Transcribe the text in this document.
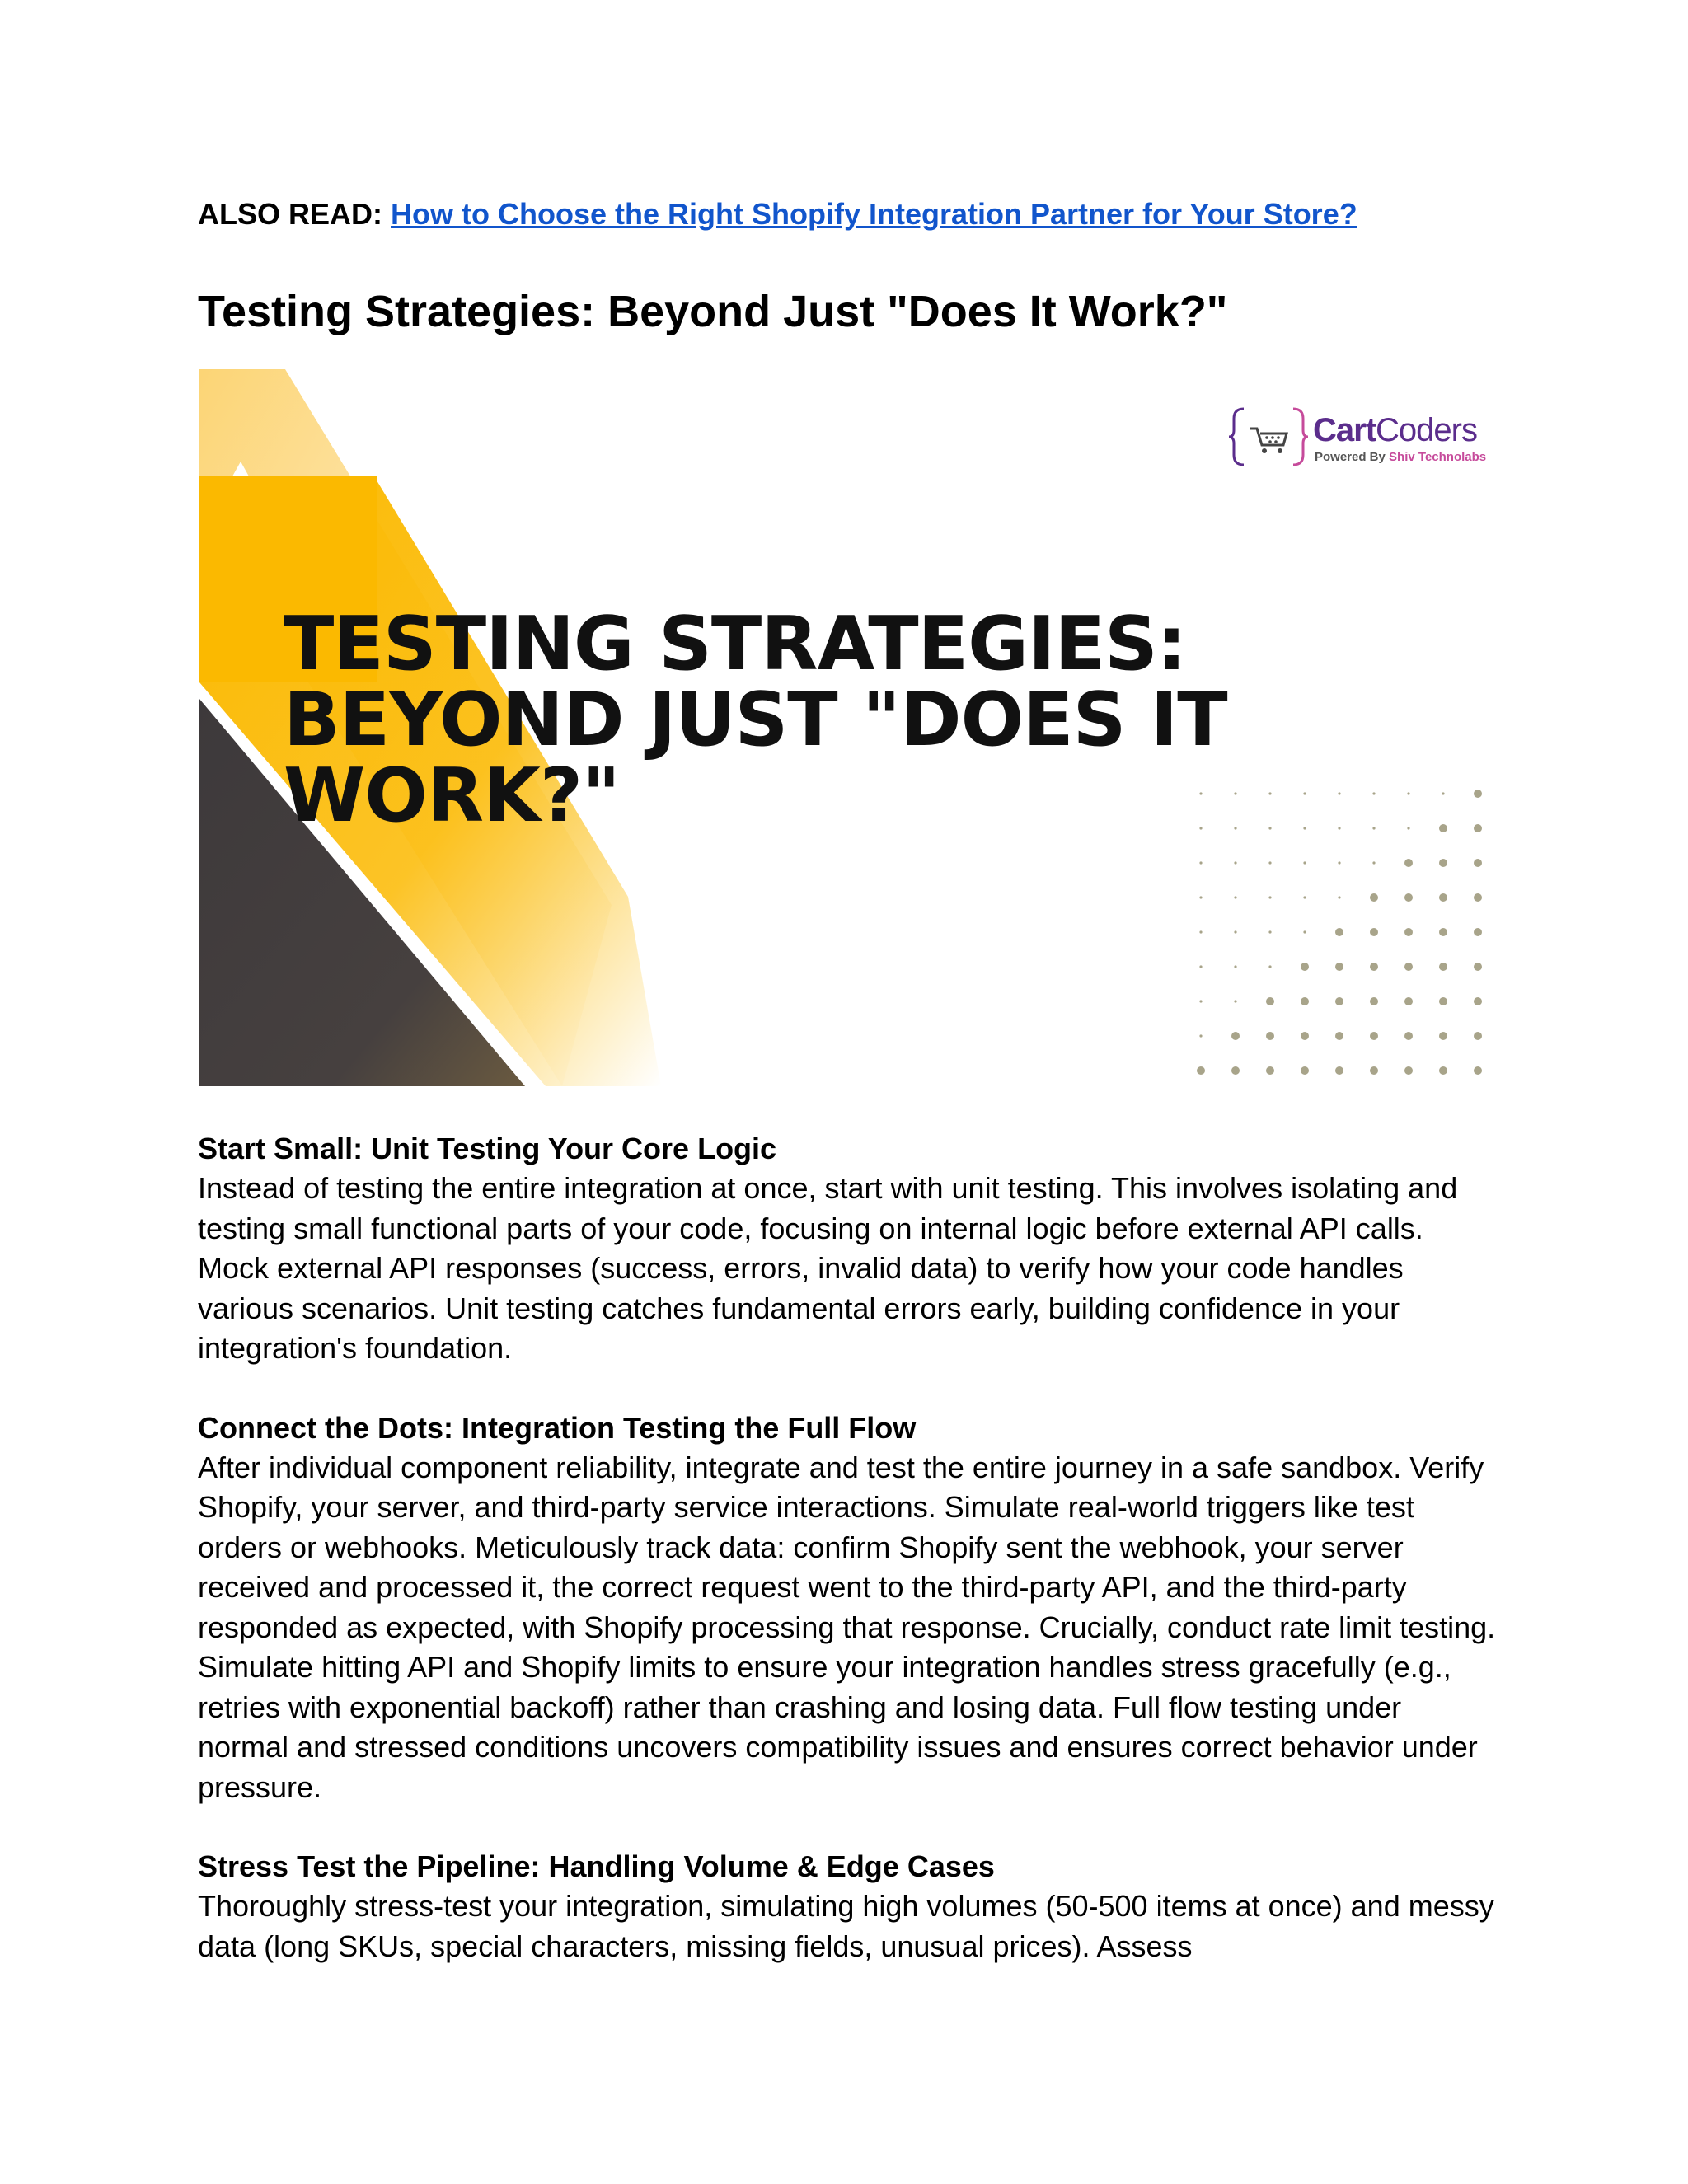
ALSO READ: How to Choose the Right Shopify Integration Partner for Your Store?
Testing Strategies: Beyond Just "Does It Work?"
CartCoders
Powered By Shiv Technolabs
TESTING STRATEGIES: BEYOND JUST "DOES IT WORK?"
Start Small: Unit Testing Your Core Logic

Instead of testing the entire integration at once, start with unit testing. This involves isolating and testing small functional parts of your code, focusing on internal logic before external API calls. Mock external API responses (success, errors, invalid data) to verify how your code handles various scenarios. Unit testing catches fundamental errors early, building confidence in your integration's foundation.

Connect the Dots: Integration Testing the Full Flow

After individual component reliability, integrate and test the entire journey in a safe sandbox. Verify Shopify, your server, and third-party service interactions. Simulate real-world triggers like test orders or webhooks. Meticulously track data: confirm Shopify sent the webhook, your server received and processed it, the correct request went to the third-party API, and the third-party responded as expected, with Shopify processing that response. Crucially, conduct rate limit testing. Simulate hitting API and Shopify limits to ensure your integration handles stress gracefully (e.g., retries with exponential backoff) rather than crashing and losing data. Full flow testing under normal and stressed conditions uncovers compatibility issues and ensures correct behavior under pressure.

Stress Test the Pipeline: Handling Volume & Edge Cases

Thoroughly stress-test your integration, simulating high volumes (50-500 items at once) and messy data (long SKUs, special characters, missing fields, unusual prices). Assess
